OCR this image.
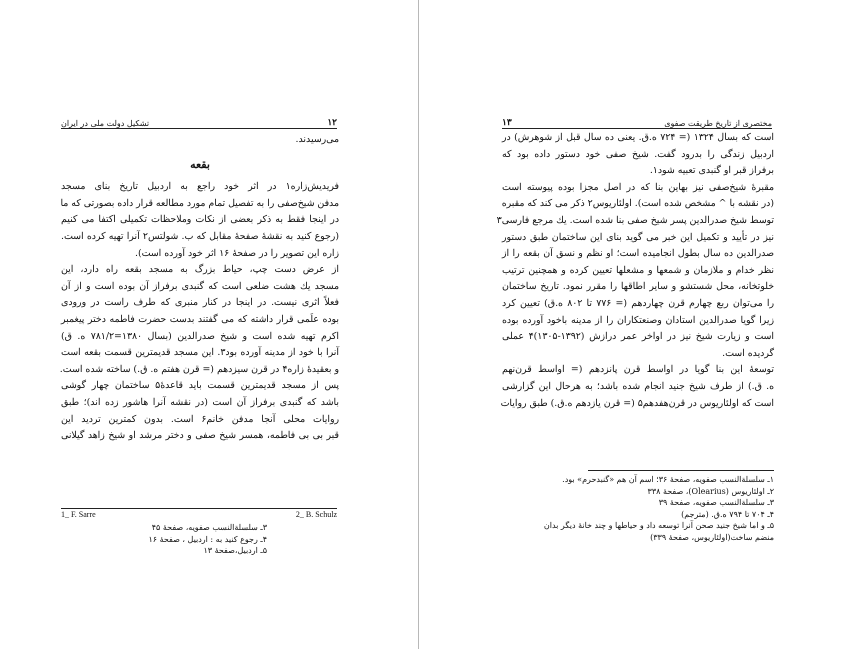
۱۲
تشکیل دولت ملی در ایران
می‌رسیدند.
بقعه
فریدیش‌زاره۱ در اثر خود راجع به اردبیل تاریخ بنای مسجد
مدفن شیخ‌صفی را به تفصیل تمام مورد مطالعه قرار داده بصورتی که ما
در اینجا فقط به ذکر بعضی از نکات وملاحظات تکمیلی اکتفا می کنیم
(رجوع کنید به نقشهٔ صفحهٔ مقابل که ب. شولتس۲ آنرا تهیه کرده است.
زاره این تصویر را در صفحهٔ ۱۶ اثر خود آورده است).
از عرض دست چپ، حیاط بزرگ به مسجد بقعه راه دارد، این
مسجد یك هشت ضلعی است که گنبدی برفراز آن بوده است و از آن
فعلاً اثری نیست. در اینجا در کنار منبری که طرف راست در ورودی
بوده علَمی قرار داشته که می گفتند بدست حضرت فاطمه دختر پیغمبر
اکرم تهیه شده است و شیخ صدرالدین (بسال ۱۳۸۰=۷۸۱/۲ ه. ق)
آنرا با خود از مدینه آورده بود۳. این مسجد قدیمترین قسمت بقعه است
و بعقیدهٔ زاره۴ در قرن سیزدهم (= قرن هفتم ه. ق.) ساخته شده است.
پس از مسجد قدیمترین قسمت باید قاعدهٔ۵ ساختمان چهار گوشی
باشد که گنبدی برفراز آن است (در نقشه آنرا هاشور زده اند)؛ طبق
روایات محلی آنجا مدفن خانم۶ است. بدون کمترین تردید این
قبر بی بی فاطمه، همسر شیخ صفی و دختر مرشد او شیخ زاهد گیلانی
1_ F. Sarre	2_ B. Schulz
۳ـ سلسلةالنسب صفویه، صفحهٔ ۴۵
۴ـ رجوع کنید به : اردبیل ، صفحهٔ ۱۶
۵ـ اردبیل،صفحهٔ ۱۳
مختصری از تاریخ طریقت صفوی
۱۳
است که بسال ۱۳۲۴ (= ۷۲۴ ه.ق. یعنی ده سال قبل از شوهرش) در
اردبیل زندگی را بدرود گفت. شیخ صفی خود دستور داده بود که
برفراز قبر او گنبدی تعبیه شود۱.
مقبرهٔ شیخ‌صفی نیز بهاین بنا که در اصل مجزا بوده پیوسته است
(در نقشه با ^ مشخص شده است). اولئاریوس۲ ذکر می کند که مقبره
توسط شیخ صدرالدین پسر شیخ صفی بنا شده است. یك مرجع فارسی۳
نیز در تأیید و تکمیل این خبر می گوید بنای این ساختمان طبق دستور
صدرالدین ده سال بطول انجامیده است؛ او نظم و نسق آن بقعه را از
نظر خدام و ملازمان و شمعها و مشعلها تعیین کرده و همچنین ترتیب
خلوتخانه، محل شستشو و سایر اطاقها را مقرر نمود. تاریخ ساختمان
را می‌توان ربع چهارم قرن چهاردهم (= ۷۷۶ تا ۸۰۲ ه.ق) تعیین کرد
زیرا گویا صدرالدین استادان وصنعتکاران را از مدینه باخود آورده بوده
است و زیارت شیخ نیز در اواخر عمر درازش (۱۳۹۲-۱۳۰۵)۴ عملی
گردیده است.
توسعهٔ این بنا گویا در اواسط قرن پانزدهم (= اواسط قرن‌نهم
ه. ق.) از طرف شیخ جنید انجام شده باشد؛ به هرحال این گزارشی
است که اولئاریوس در قرن‌هفدهم۵ (= قرن یازدهم ه.ق.) طبق روایات
۱ـ سلسلةالنسب صفویه، صفحهٔ ۳۶؛ اسم آن هم «گنبدحرم» بود.
۲ـ اولئاریوس (Olearius)، صفحهٔ ۳۳۸
۳ـ سلسلةالنسب صفویه، صفحهٔ ۳۹
۴ـ ۷۰۴ تا ۷۹۴ ه.ق. (مترجم)
۵ـ و اما شیخ جنید صحن آنرا توسعه داد و حیاطها و چند خانهٔ دیگر بدان
منضم ساخت(اولئاریوس، صفحهٔ ۳۳۹)
